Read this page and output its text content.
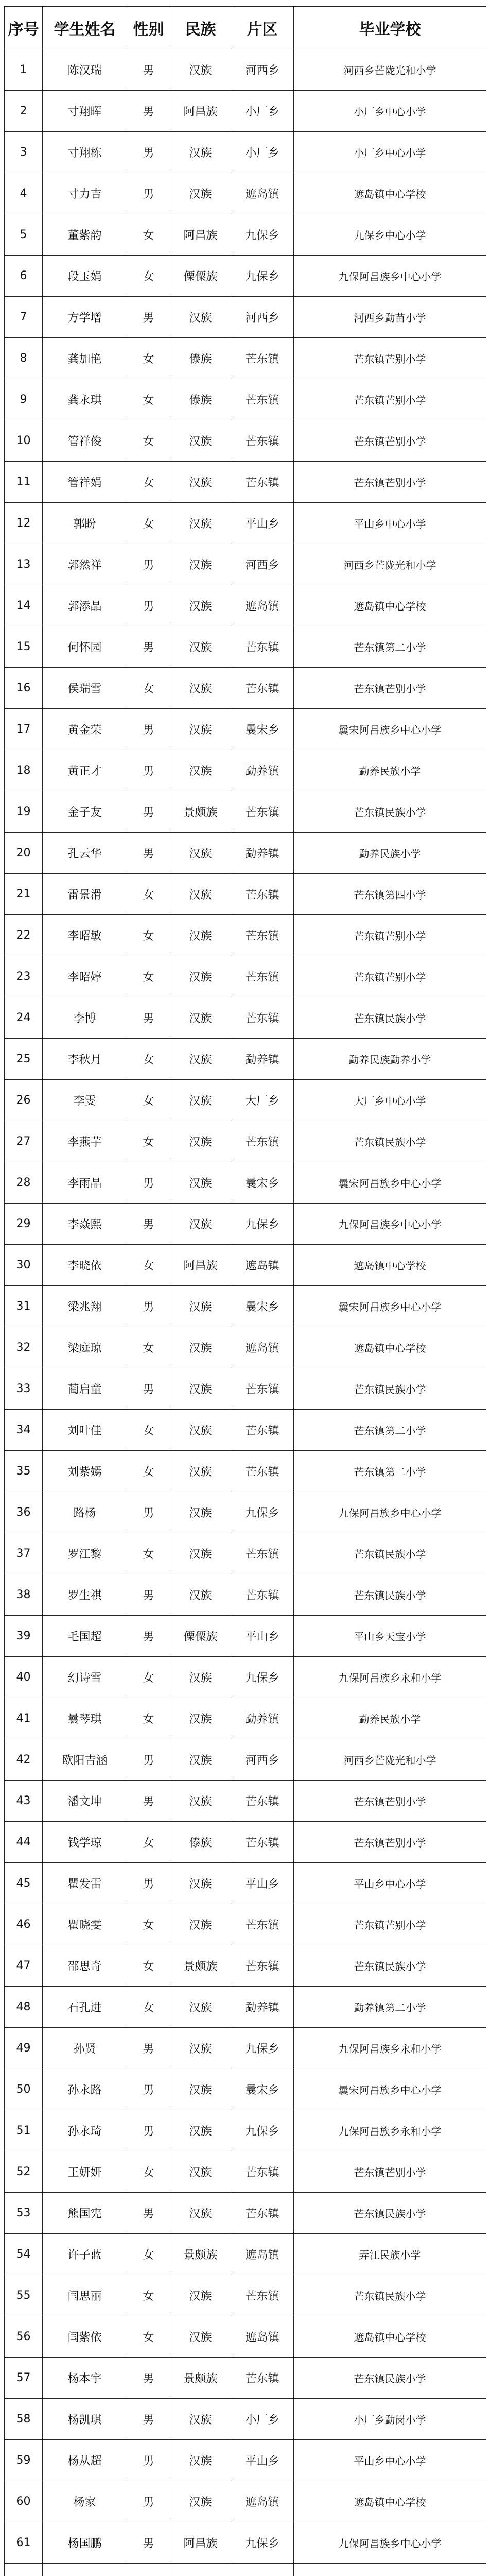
序号	学生姓名	性别	民族	片区	毕业学校
1	陈汉瑞	男	汉族	河西乡	河西乡芒陇光和小学
2	寸翔晖	男	阿昌族	小厂乡	小厂乡中心小学
3	寸翔栋	男	汉族	小厂乡	小厂乡中心小学
4	寸力吉	男	汉族	遮岛镇	遮岛镇中心学校
5	董紫韵	女	阿昌族	九保乡	九保乡中心小学
6	段玉娟	女	傈僳族	九保乡	九保阿昌族乡中心小学
7	方学增	男	汉族	河西乡	河西乡勐苗小学
8	龚加艳	女	傣族	芒东镇	芒东镇芒别小学
9	龚永琪	女	傣族	芒东镇	芒东镇芒别小学
10	管祥俊	女	汉族	芒东镇	芒东镇芒别小学
11	管祥娟	女	汉族	芒东镇	芒东镇芒别小学
12	郭盼	女	汉族	平山乡	平山乡中心小学
13	郭然祥	男	汉族	河西乡	河西乡芒陇光和小学
14	郭添晶	男	汉族	遮岛镇	遮岛镇中心学校
15	何怀园	男	汉族	芒东镇	芒东镇第二小学
16	侯瑞雪	女	汉族	芒东镇	芒东镇芒别小学
17	黄金荣	男	汉族	曩宋乡	曩宋阿昌族乡中心小学
18	黄正才	男	汉族	勐养镇	勐养民族小学
19	金子友	男	景颇族	芒东镇	芒东镇民族小学
20	孔云华	男	汉族	勐养镇	勐养民族小学
21	雷景滑	女	汉族	芒东镇	芒东镇第四小学
22	李昭敏	女	汉族	芒东镇	芒东镇芒别小学
23	李昭婷	女	汉族	芒东镇	芒东镇芒别小学
24	李博	男	汉族	芒东镇	芒东镇民族小学
25	李秋月	女	汉族	勐养镇	勐养民族勐养小学
26	李雯	女	汉族	大厂乡	大厂乡中心小学
27	李燕芋	女	汉族	芒东镇	芒东镇民族小学
28	李雨晶	男	汉族	曩宋乡	曩宋阿昌族乡中心小学
29	李焱熙	男	汉族	九保乡	九保阿昌族乡中心小学
30	李晓依	女	阿昌族	遮岛镇	遮岛镇中心学校
31	梁兆翔	男	汉族	曩宋乡	曩宋阿昌族乡中心小学
32	梁庭琼	女	汉族	遮岛镇	遮岛镇中心学校
33	蔺启童	男	汉族	芒东镇	芒东镇民族小学
34	刘叶佳	女	汉族	芒东镇	芒东镇第二小学
35	刘紫嫣	女	汉族	芒东镇	芒东镇第二小学
36	路杨	男	汉族	九保乡	九保阿昌族乡中心小学
37	罗江黎	女	汉族	芒东镇	芒东镇民族小学
38	罗生祺	男	汉族	芒东镇	芒东镇民族小学
39	毛国超	男	傈僳族	平山乡	平山乡天宝小学
40	幻诗雪	女	汉族	九保乡	九保阿昌族乡永和小学
41	曩琴琪	女	汉族	勐养镇	勐养民族小学
42	欧阳吉涵	男	汉族	河西乡	河西乡芒陇光和小学
43	潘文坤	男	汉族	芒东镇	芒东镇芒别小学
44	钱学琼	女	傣族	芒东镇	芒东镇芒别小学
45	瞿发雷	男	汉族	平山乡	平山乡中心小学
46	瞿晓雯	女	汉族	芒东镇	芒东镇芒别小学
47	邵思奇	女	景颇族	芒东镇	芒东镇民族小学
48	石孔进	女	汉族	勐养镇	勐养镇第二小学
49	孙贤	男	汉族	九保乡	九保阿昌族乡永和小学
50	孙永路	男	汉族	曩宋乡	曩宋阿昌族乡中心小学
51	孙永琦	男	汉族	九保乡	九保阿昌族乡永和小学
52	王妍妍	女	汉族	芒东镇	芒东镇芒别小学
53	熊国宪	男	汉族	芒东镇	芒东镇民族小学
54	许子蓝	女	景颇族	遮岛镇	弄江民族小学
55	闫思丽	女	汉族	芒东镇	芒东镇民族小学
56	闫紫依	女	汉族	遮岛镇	遮岛镇中心学校
57	杨本宇	男	景颇族	芒东镇	芒东镇民族小学
58	杨凯琪	男	汉族	小厂乡	小厂乡勐岗小学
59	杨从超	男	汉族	平山乡	平山乡中心小学
60	杨家	男	汉族	遮岛镇	遮岛镇中心学校
61	杨国鹏	男	阿昌族	九保乡	九保阿昌族乡中心小学
